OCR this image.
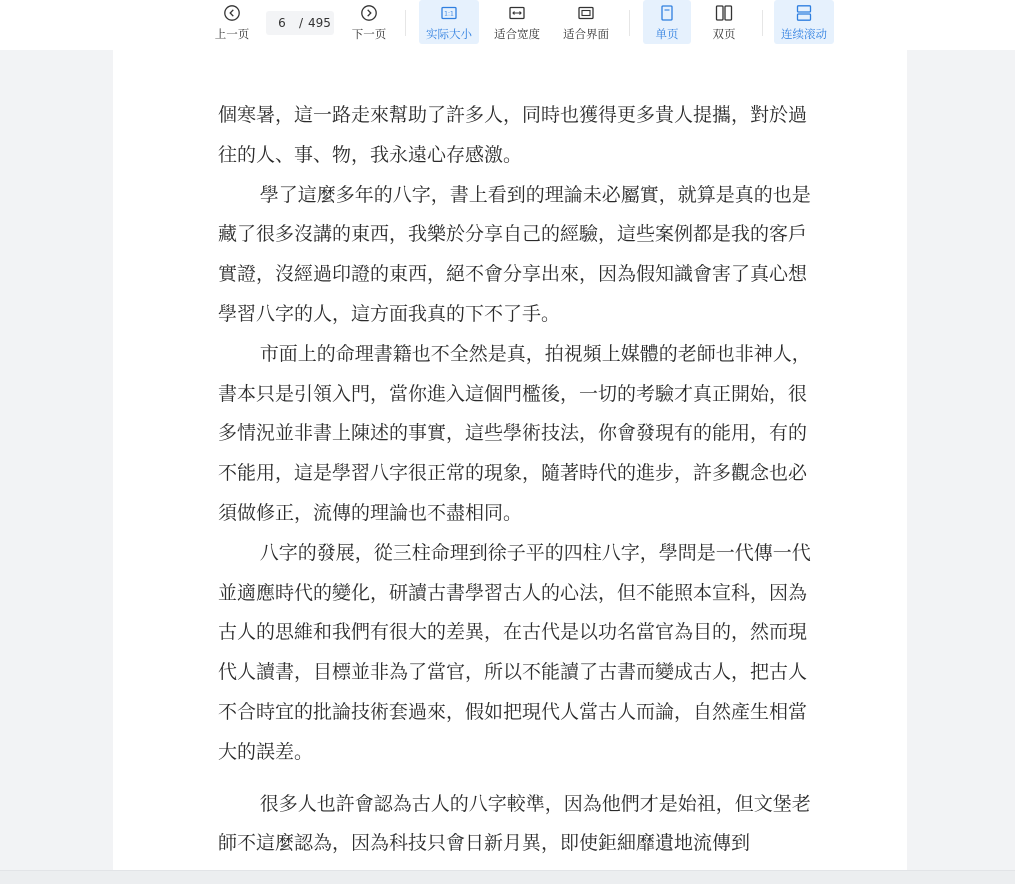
上一页
6	/ 495
下一页
1:1
实际大小 适合宽度 适合界面	单页	双页	连续滚动

個寒暑，這一路走來幫助了許多人，同時也獲得更多貴人提攜，對於過往的人、事、物，我永遠心存感激。

學了這麼多年的八字，書上看到的理論未必屬實，就算是真的也是藏了很多沒講的東西，我樂於分享自己的經驗，這些案例都是我的客戶實證，沒經過印證的東西，絕不會分享出來，因為假知識會害了真心想學習八字的人，這方面我真的下不了手。

市面上的命理書籍也不全然是真，拍視頻上媒體的老師也非神人，書本只是引領入門，當你進入這個門檻後，一切的考驗才真正開始，很多情況並非書上陳述的事實，這些學術技法，你會發現有的能用，有的不能用，這是學習八字很正常的現象，隨著時代的進步，許多觀念也必須做修正，流傳的理論也不盡相同。

八字的發展，從三柱命理到徐子平的四柱八字，學問是一代傳一代並適應時代的變化，研讀古書學習古人的心法，但不能照本宣科，因為古人的思維和我們有很大的差異，在古代是以功名當官為目的，然而現代人讀書，目標並非為了當官，所以不能讀了古書而變成古人，把古人不合時宜的批論技術套過來，假如把現代人當古人而論，自然產生相當大的誤差。

很多人也許會認為古人的八字較準，因為他們才是始祖，但文堡老師不這麼認為，因為科技只會日新月異，即使鉅細靡遺地流傳到
